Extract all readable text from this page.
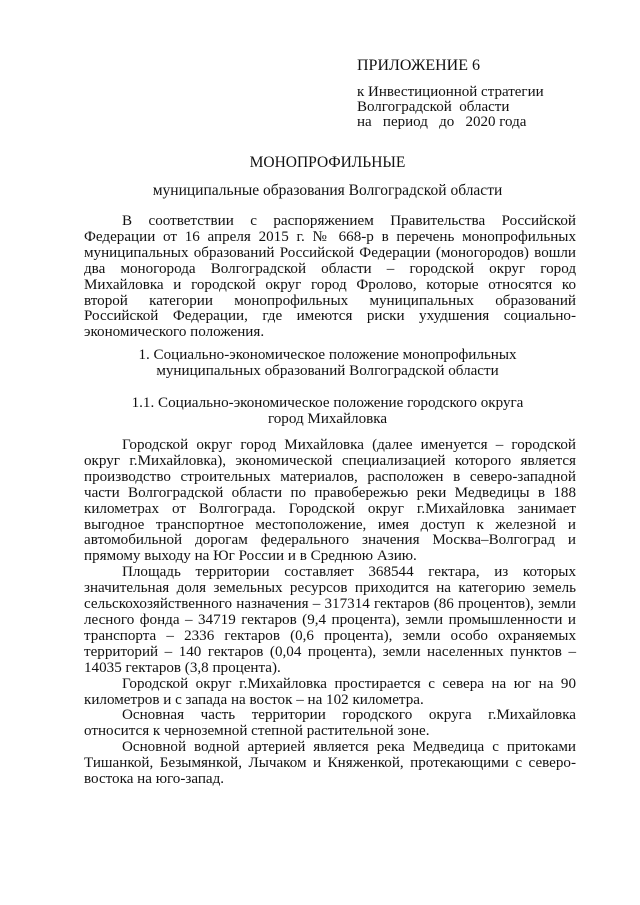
ПРИЛОЖЕНИЕ 6
к Инвестиционной стратегии
Волгоградской  области
на   период   до   2020 года
МОНОПРОФИЛЬНЫЕ
муниципальные образования Волгоградской области

В соответствии с распоряжением Правительства Российской Федерации от 16 апреля 2015 г. № 668-р в перечень монопрофильных муниципальных образований Российской Федерации (моногородов) вошли два моногорода Волгоградской области – городской округ город Михайловка и городской округ город Фролово, которые относятся ко второй категории монопрофильных муниципальных образований Российской Федерации, где имеются риски ухудшения социально-экономического положения.

1. Социально-экономическое положение монопрофильных
муниципальных образований Волгоградской области
1.1. Социально-экономическое положение городского округа
город Михайловка

Городской округ город Михайловка (далее именуется – городской округ г.Михайловка), экономической специализацией которого является производство строительных материалов, расположен в северо-западной части Волгоградской области по правобережью реки Медведицы в 188 километрах от Волгограда. Городской округ г.Михайловка занимает выгодное транспортное местоположение, имея доступ к железной и автомобильной дорогам федерального значения Москва–Волгоград и прямому выходу на Юг России и в Среднюю Азию.

Площадь территории составляет 368544 гектара, из которых значительная доля земельных ресурсов приходится на категорию земель сельскохозяйственного назначения – 317314 гектаров (86 процентов), земли лесного фонда – 34719 гектаров (9,4 процента), земли промышленности и транспорта – 2336 гектаров (0,6 процента), земли особо охраняемых территорий – 140 гектаров (0,04 процента), земли населенных пунктов – 14035 гектаров (3,8 процента).

Городской округ г.Михайловка простирается с севера на юг на 90 километров и с запада на восток – на 102 километра.

Основная часть территории городского округа г.Михайловка относится к черноземной степной растительной зоне.

Основной водной артерией является река Медведица с притоками Тишанкой, Безымянкой, Лычаком и Княженкой, протекающими с северо-востока на юго-запад.
